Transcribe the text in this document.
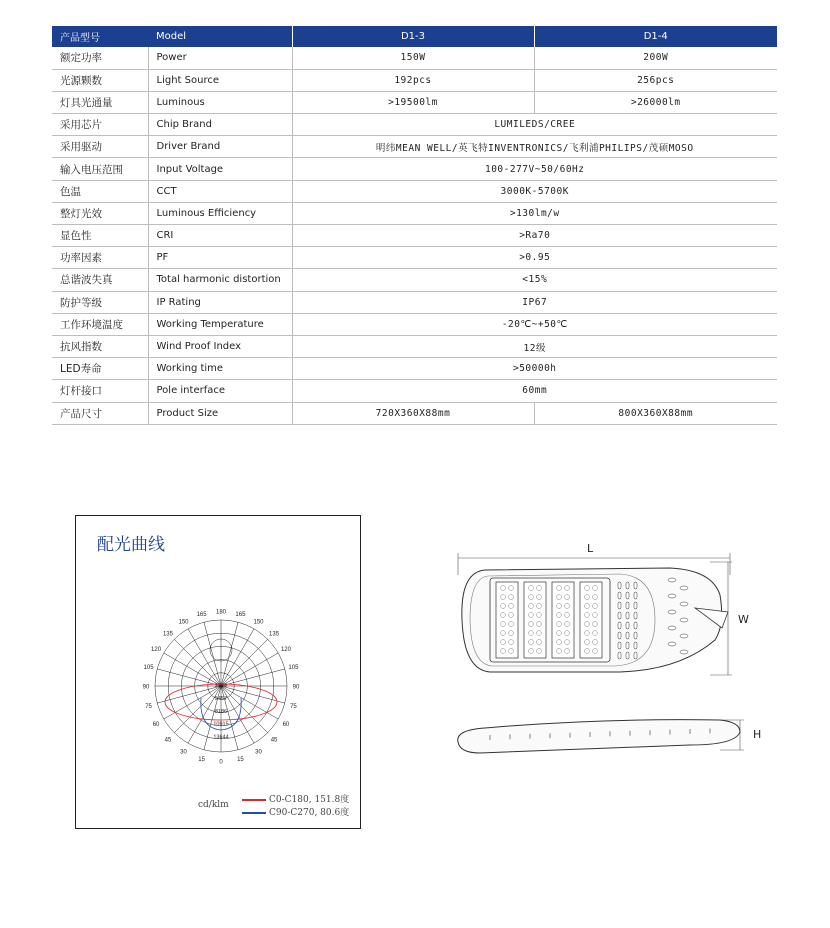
产品型号	Model	D1-3	D1-4
额定功率	Power	150W	200W
光源颗数	Light Source	192pcs	256pcs
灯具光通量	Luminous	>19500lm	>26000lm
采用芯片	Chip Brand	LUMILEDS/CREE	
采用驱动	Driver Brand	明纬MEAN WELL/英飞特INVENTRONICS/飞利浦PHILIPS/茂硕MOSO	
输入电压范围	Input Voltage	100-277V~50/60Hz	
色温	CCT	3000K-5700K	
整灯光效	Luminous Efficiency	>130lm/w	
显色性	CRI	>Ra70	
功率因素	PF	>0.95	
总谐波失真	Total harmonic distortion	<15%	
防护等级	IP Rating	IP67	
工作环境温度	Working Temperature	-20℃~+50℃	
抗风指数	Wind Proof Index	12级	
LED寿命	Working time	>50000h	
灯杆接口	Pole interface	60mm	
产品尺寸	Product Size	720X360X88mm	800X360X88mm
配光曲线
180
165	165
150	150
135	135
120	120
105	105
90	90
75	75
60	60
45	45
30	30
15	15
0
2729
5457
8186
10915
13644
cd/klm	C0-C180, 151.8度
C90-C270, 80.6度
L
W
H
